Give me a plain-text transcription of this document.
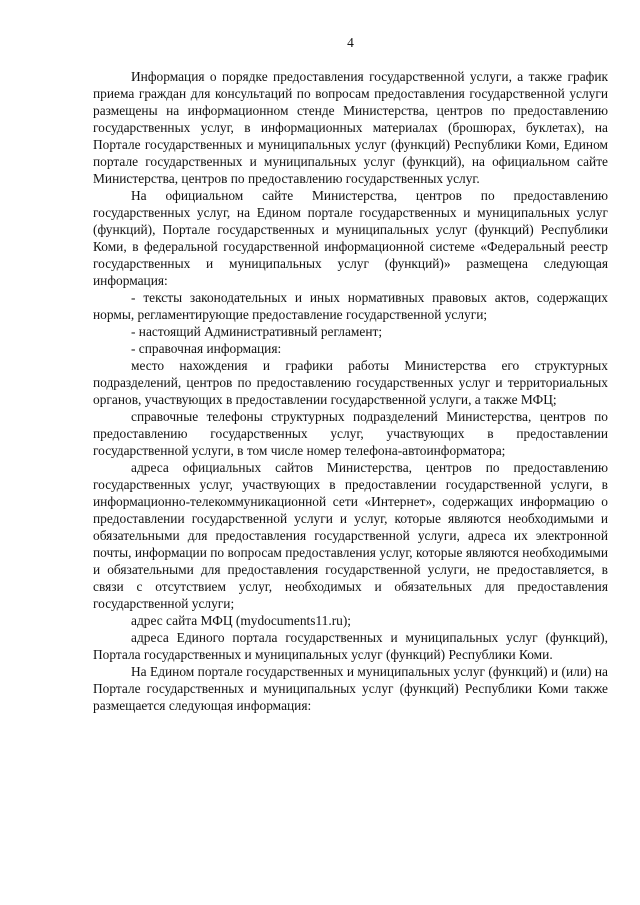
4

Информация о порядке предоставления государственной услуги, а также график приема граждан для консультаций по вопросам предоставления государственной услуги размещены на информационном стенде Министерства, центров по предоставлению государственных услуг, в информационных материалах (брошюрах, буклетах), на Портале государственных и муниципальных услуг (функций) Республики Коми, Едином портале государственных и муниципальных услуг (функций), на официальном сайте Министерства, центров по предоставлению государственных услуг.

На официальном сайте Министерства, центров по предоставлению государственных услуг, на Едином портале государственных и муниципальных услуг (функций), Портале государственных и муниципальных услуг (функций) Республики Коми, в федеральной государственной информационной системе «Федеральный реестр государственных и муниципальных услуг (функций)» размещена следующая информация:

- тексты законодательных и иных нормативных правовых актов, содержащих нормы, регламентирующие предоставление государственной услуги;

- настоящий Административный регламент;

- справочная информация:

место нахождения и графики работы Министерства его структурных подразделений, центров по предоставлению государственных услуг и территориальных органов, участвующих в предоставлении государственной услуги, а также МФЦ;

справочные телефоны структурных подразделений Министерства, центров по предоставлению государственных услуг, участвующих в предоставлении государственной услуги, в том числе номер телефона-автоинформатора;

адреса официальных сайтов Министерства, центров по предоставлению государственных услуг, участвующих в предоставлении государственной услуги, в информационно-телекоммуникационной сети «Интернет», содержащих информацию о предоставлении государственной услуги и услуг, которые являются необходимыми и обязательными для предоставления государственной услуги, адреса их электронной почты, информации по вопросам предоставления услуг, которые являются необходимыми и обязательными для предоставления государственной услуги, не предоставляется, в связи с отсутствием услуг, необходимых и обязательных для предоставления государственной услуги;

адрес сайта МФЦ (mydocuments11.ru);

адреса Единого портала государственных и муниципальных услуг (функций), Портала государственных и муниципальных услуг (функций) Республики Коми.

На Едином портале государственных и муниципальных услуг (функций) и (или) на Портале государственных и муниципальных услуг (функций) Республики Коми также размещается следующая информация:
